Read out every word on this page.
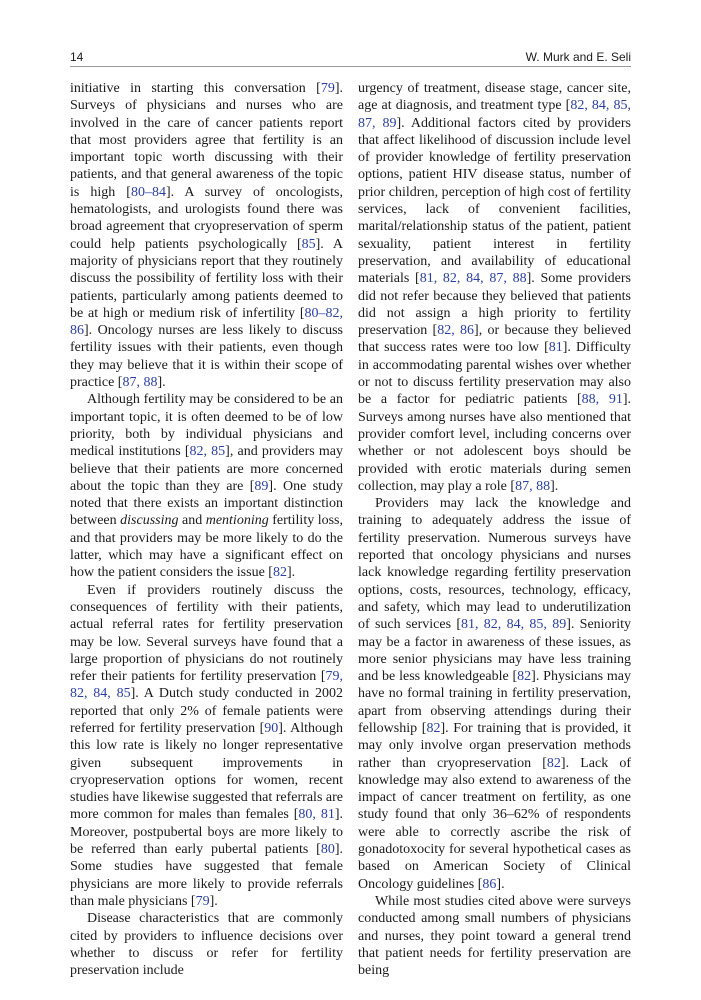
14	W. Murk and E. Seli

initiative in starting this conversation [79]. Surveys of physicians and nurses who are involved in the care of cancer patients report that most providers agree that fertility is an important topic worth discussing with their patients, and that general awareness of the topic is high [80–84]. A survey of oncologists, hematologists, and urologists found there was broad agreement that cryopreservation of sperm could help patients psychologically [85]. A majority of physicians report that they routinely discuss the possibility of fertility loss with their patients, particularly among patients deemed to be at high or medium risk of infertility [80–82, 86]. Oncology nurses are less likely to discuss fertility issues with their patients, even though they may believe that it is within their scope of practice [87, 88].

Although fertility may be considered to be an important topic, it is often deemed to be of low priority, both by individual physicians and medical institutions [82, 85], and providers may believe that their patients are more concerned about the topic than they are [89]. One study noted that there exists an important distinction between discussing and mentioning fertility loss, and that providers may be more likely to do the latter, which may have a significant effect on how the patient considers the issue [82].

Even if providers routinely discuss the consequences of fertility with their patients, actual referral rates for fertility preservation may be low. Several surveys have found that a large proportion of physicians do not routinely refer their patients for fertility preservation [79, 82, 84, 85]. A Dutch study conducted in 2002 reported that only 2% of female patients were referred for fertility preservation [90]. Although this low rate is likely no longer representative given subsequent improvements in cryopreservation options for women, recent studies have likewise suggested that referrals are more common for males than females [80, 81]. Moreover, postpubertal boys are more likely to be referred than early pubertal patients [80]. Some studies have suggested that female physicians are more likely to provide referrals than male physicians [79].

Disease characteristics that are commonly cited by providers to influence decisions over whether to discuss or refer for fertility preservation include

urgency of treatment, disease stage, cancer site, age at diagnosis, and treatment type [82, 84, 85, 87, 89]. Additional factors cited by providers that affect likelihood of discussion include level of provider knowledge of fertility preservation options, patient HIV disease status, number of prior children, perception of high cost of fertility services, lack of convenient facilities, marital/relationship status of the patient, patient sexuality, patient interest in fertility preservation, and availability of educational materials [81, 82, 84, 87, 88]. Some providers did not refer because they believed that patients did not assign a high priority to fertility preservation [82, 86], or because they believed that success rates were too low [81]. Difficulty in accommodating parental wishes over whether or not to discuss fertility preservation may also be a factor for pediatric patients [88, 91]. Surveys among nurses have also mentioned that provider comfort level, including concerns over whether or not adolescent boys should be provided with erotic materials during semen collection, may play a role [87, 88].

Providers may lack the knowledge and training to adequately address the issue of fertility preservation. Numerous surveys have reported that oncology physicians and nurses lack knowledge regarding fertility preservation options, costs, resources, technology, efficacy, and safety, which may lead to underutilization of such services [81, 82, 84, 85, 89]. Seniority may be a factor in awareness of these issues, as more senior physicians may have less training and be less knowledgeable [82]. Physicians may have no formal training in fertility preservation, apart from observing attendings during their fellowship [82]. For training that is provided, it may only involve organ preservation methods rather than cryopreservation [82]. Lack of knowledge may also extend to awareness of the impact of cancer treatment on fertility, as one study found that only 36–62% of respondents were able to correctly ascribe the risk of gonadotoxocity for several hypothetical cases as based on American Society of Clinical Oncology guidelines [86].

While most studies cited above were surveys conducted among small numbers of physicians and nurses, they point toward a general trend that patient needs for fertility preservation are being
